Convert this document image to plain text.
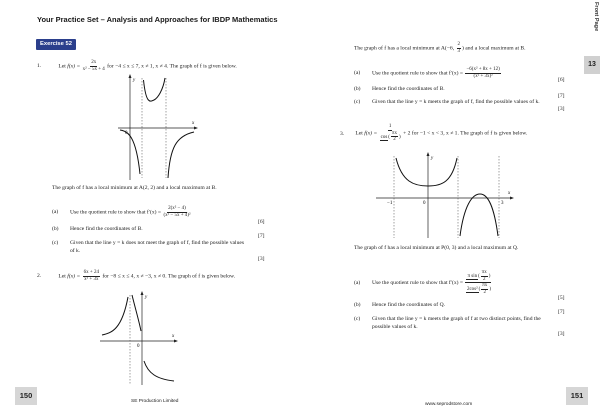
Your Practice Set – Analysis and Approaches for IBDP Mathematics	Front Page
13
Exercise 52
1.	Let $f(x) = \frac{2x}{\text{x² − 5x + 4}}$ for −4 ≤ x ≤ 7, x ≠ 1, x ≠ 4. The graph of f is given below.
y
x
0
The graph of f has a local minimum at A(2, 2) and a local maximum at B.
(a) Use the quotient rule to show that $f'(x) = \frac{\text{2(x² − 4)}}{\text{(x² − 5x + 4)²}}$
[6]
(b) Hence find the coordinates of B.
[7]
(c) Given that the line y = k does not meet the graph of f, find the possible values
of k.
[3]
2.	Let $f(x) = \frac{6x + 24}{\text{x² + 3x}}$ for −8 ≤ x ≤ 4, x ≠ −3, x ≠ 0. The graph of f is given below.
y
x
0
The graph of f has a local minimum at A(−6, $\frac{2}{3}$ ) and a local maximum at B.
(a) Use the quotient rule to show that $f'(x) = \frac{\text{−6(x² + 8x + 12)}}{\text{(x² + 3x)²}}$
[6]
(b) Hence find the coordinates of B.
[7]
(c) Given that the line y = k meets the graph of f, find the possible values of k.
[3]
3. Let $f(x) = \frac{1}{\cos( \frac{\pi x}{2} )} + 2$ for −1 < x < 3, x ≠ 1. The graph of f is given below.
y
x
0
−1	3
The graph of f has a local minimum at P(0, 3) and a local maximum at Q.
(a) Use the quotient rule to show that $f'(x) = \frac{\pi \sin( \frac{\pi x}{2} )}{2\cos^2( \frac{\pi x}{2} )}$
[5]
(b) Hence find the coordinates of Q.
[7]
(c) Given that the line y = k meets the graph of f at two distinct points, find the
possible values of k.
[3]
150	151
SE Production Limited
www.seprodstore.com
